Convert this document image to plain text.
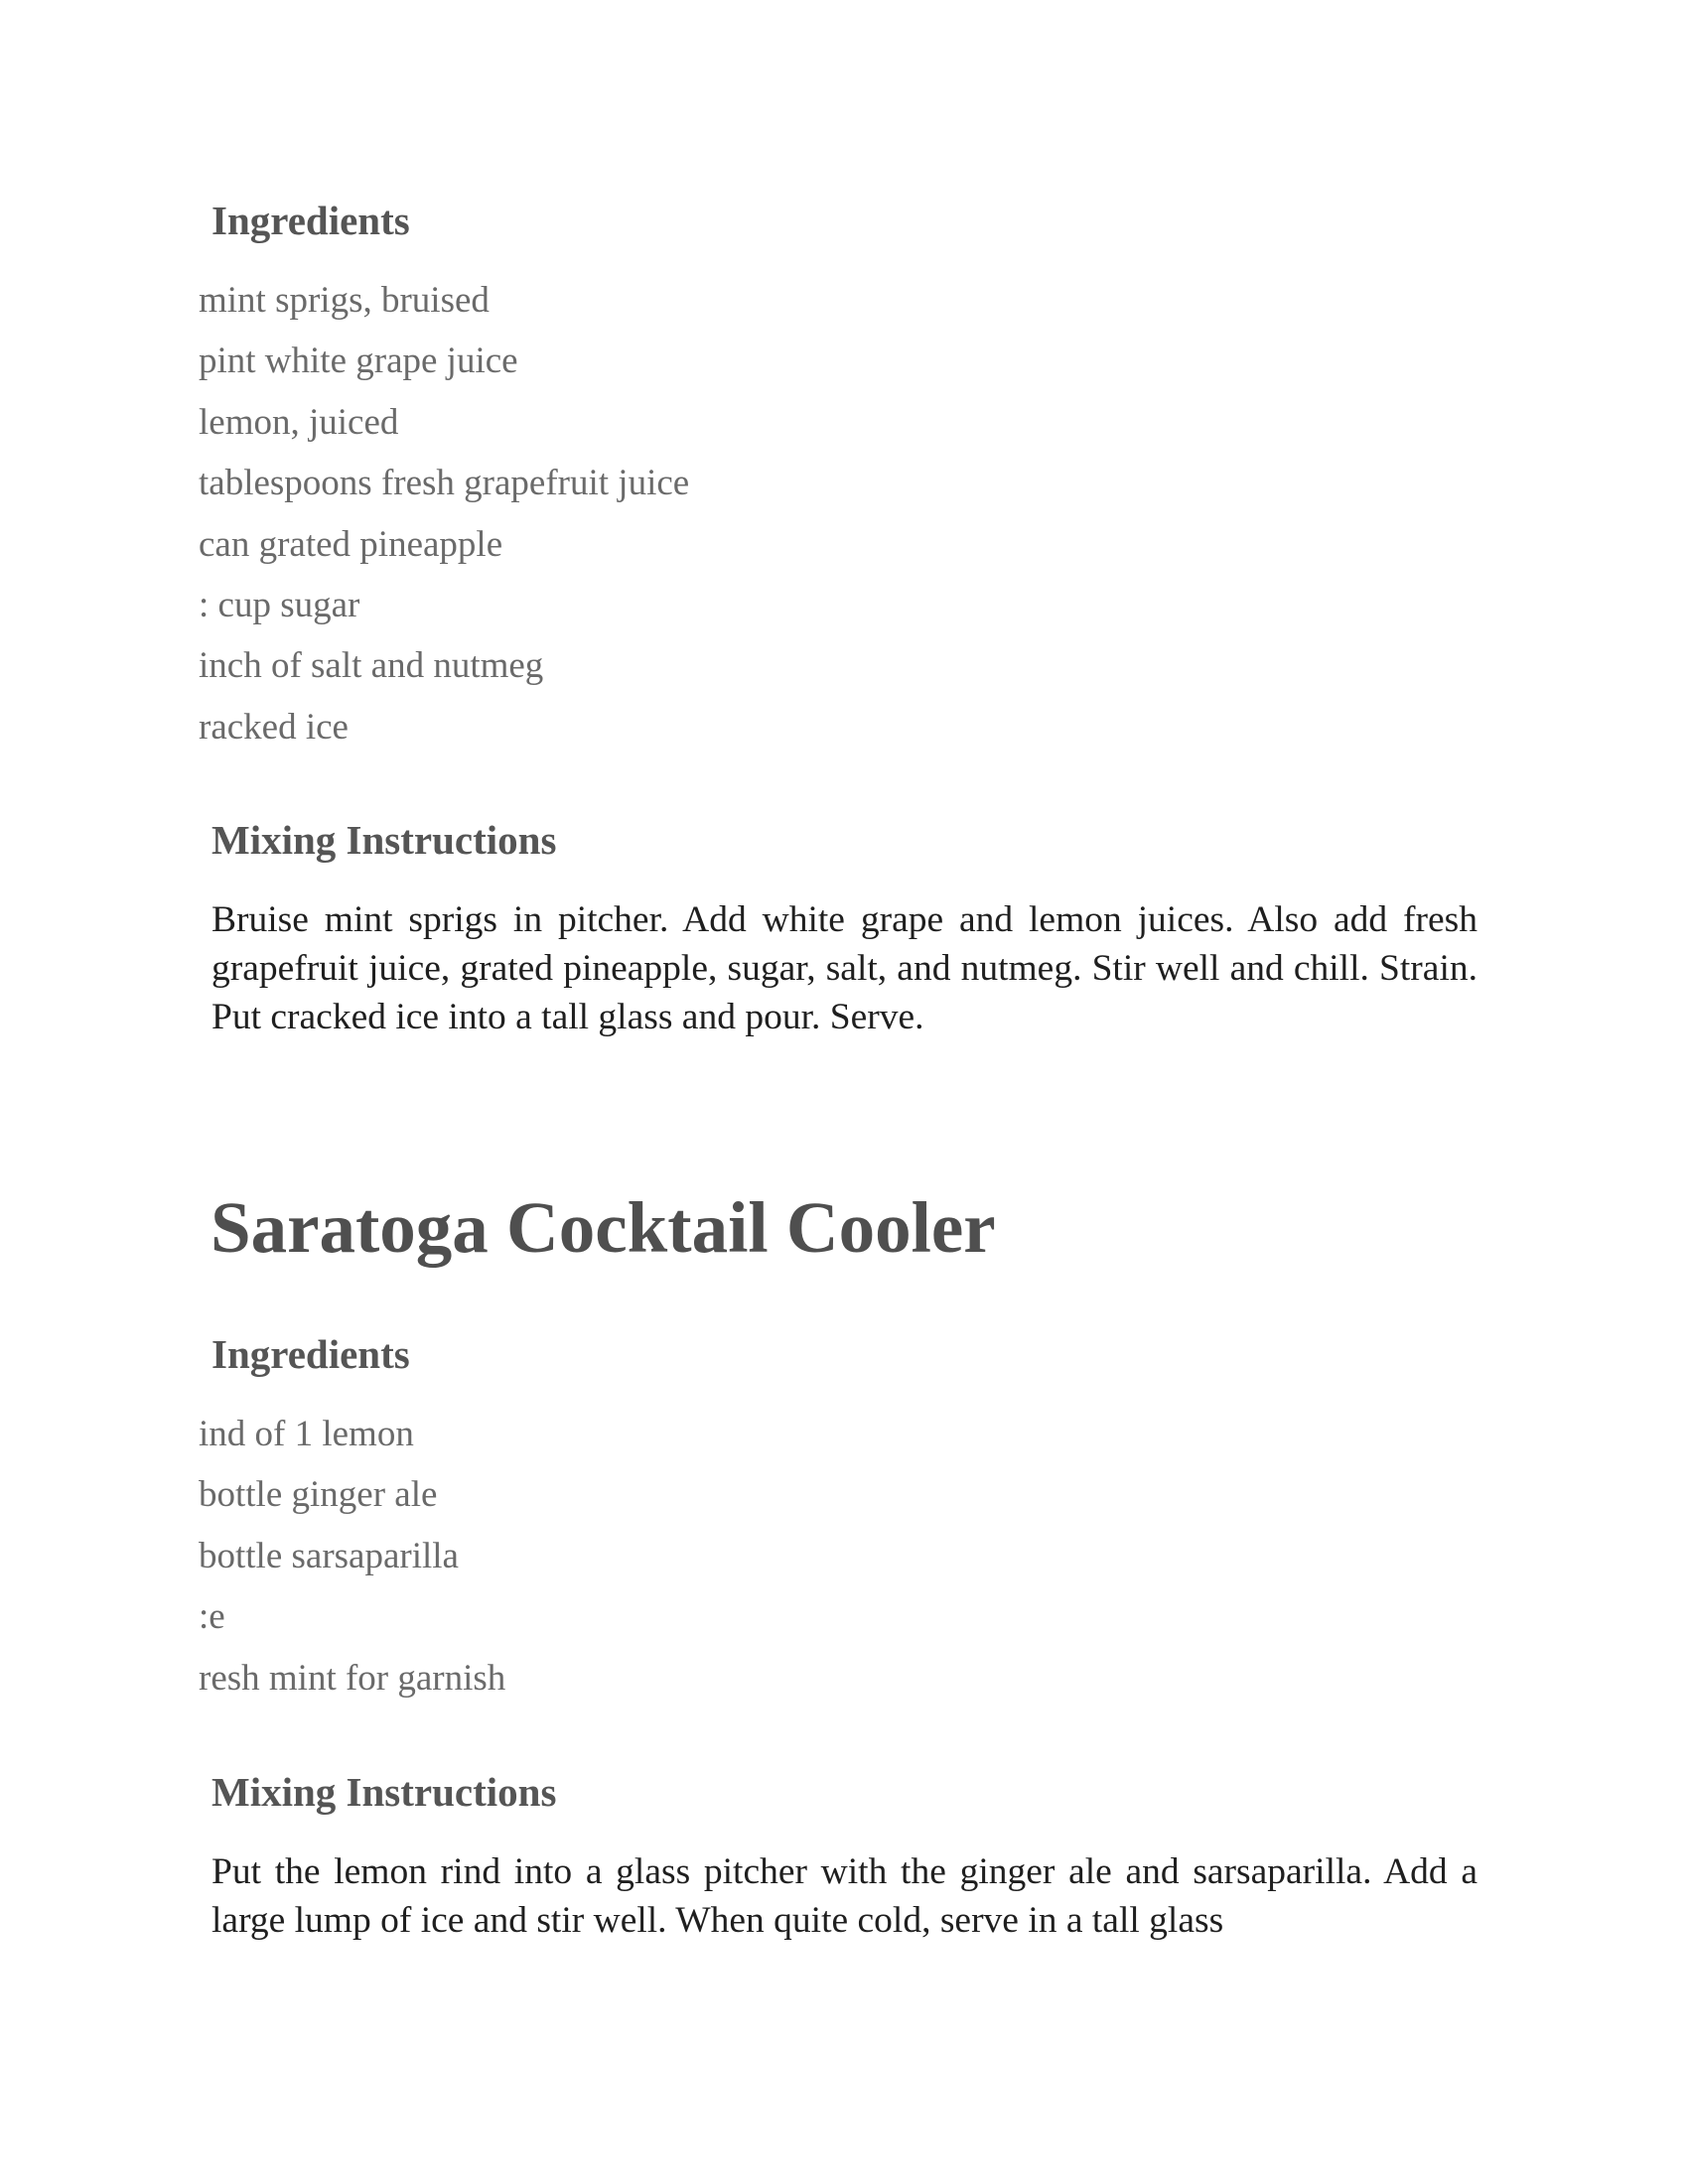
Ingredients
mint sprigs, bruised
pint white grape juice
lemon, juiced
tablespoons fresh grapefruit juice
can grated pineapple
: cup sugar
inch of salt and nutmeg
racked ice
Mixing Instructions

Bruise mint sprigs in pitcher. Add white grape and lemon juices. Also add fresh grapefruit juice, grated pineapple, sugar, salt, and nutmeg. Stir well and chill. Strain. Put cracked ice into a tall glass and pour. Serve.

Saratoga Cocktail Cooler
Ingredients
ind of 1 lemon
bottle ginger ale
bottle sarsaparilla
:e
resh mint for garnish
Mixing Instructions

Put the lemon rind into a glass pitcher with the ginger ale and sarsaparilla. Add a large lump of ice and stir well. When quite cold, serve in a tall glass
